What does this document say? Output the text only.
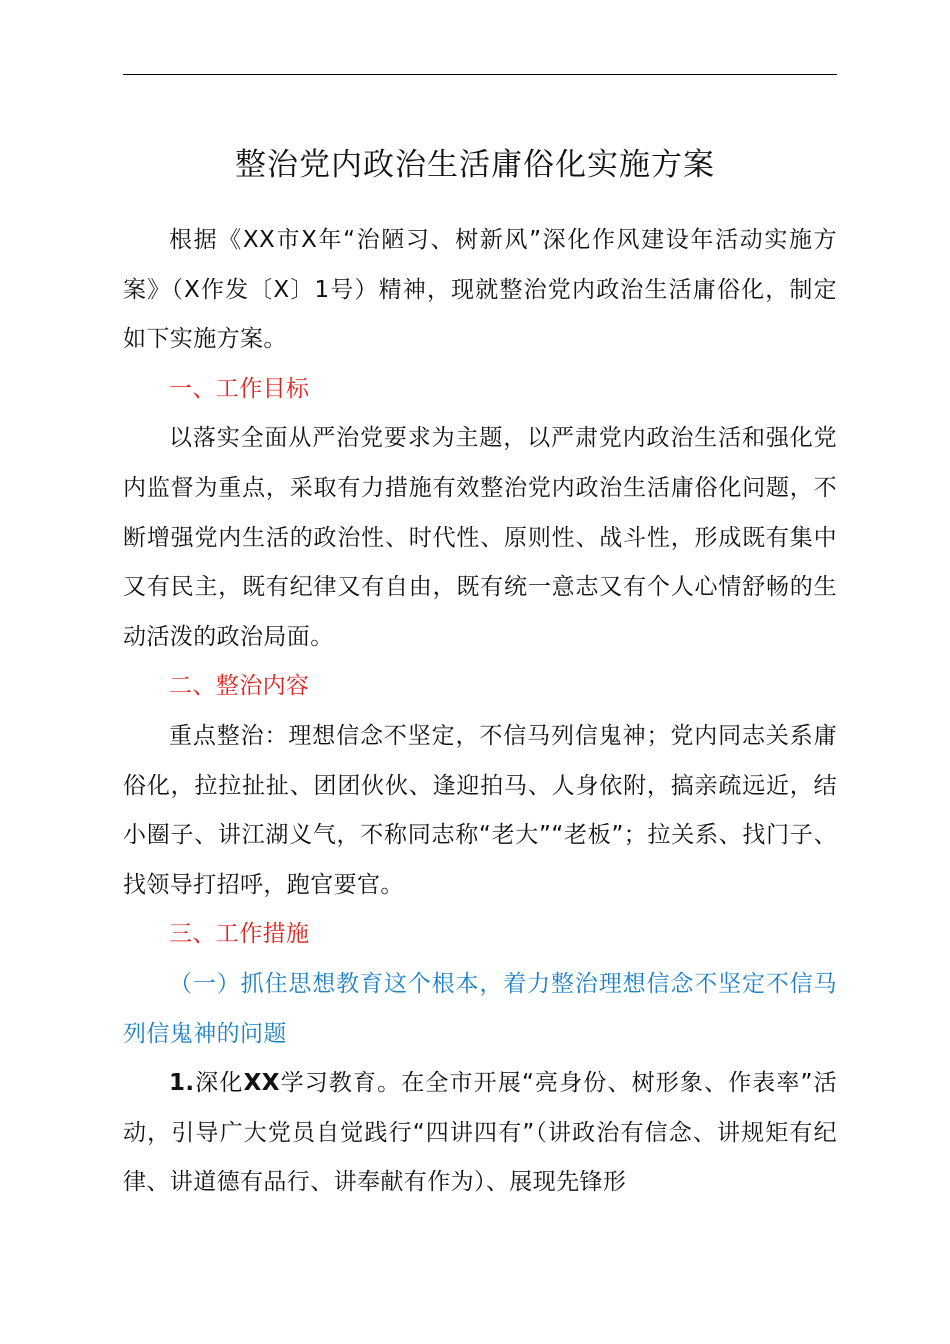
整治党内政治生活庸俗化实施方案

根据《XX市X年“治陋习、树新风”深化作风建设年活动实施方案》（X作发〔X〕1号）精神，现就整治党内政治生活庸俗化，制定如下实施方案。

一、工作目标

以落实全面从严治党要求为主题，以严肃党内政治生活和强化党内监督为重点，采取有力措施有效整治党内政治生活庸俗化问题，不断增强党内生活的政治性、时代性、原则性、战斗性，形成既有集中又有民主，既有纪律又有自由，既有统一意志又有个人心情舒畅的生动活泼的政治局面。

二、整治内容

重点整治：理想信念不坚定，不信马列信鬼神；党内同志关系庸俗化，拉拉扯扯、团团伙伙、逢迎拍马、人身依附，搞亲疏远近，结小圈子、讲江湖义气，不称同志称“老大”“老板”；拉关系、找门子、找领导打招呼，跑官要官。

三、工作措施

（一）抓住思想教育这个根本，着力整治理想信念不坚定不信马列信鬼神的问题

1.深化XX学习教育。在全市开展“亮身份、树形象、作表率”活动，引导广大党员自觉践行“四讲四有”（讲政治有信念、讲规矩有纪律、讲道德有品行、讲奉献有作为）、展现先锋形
